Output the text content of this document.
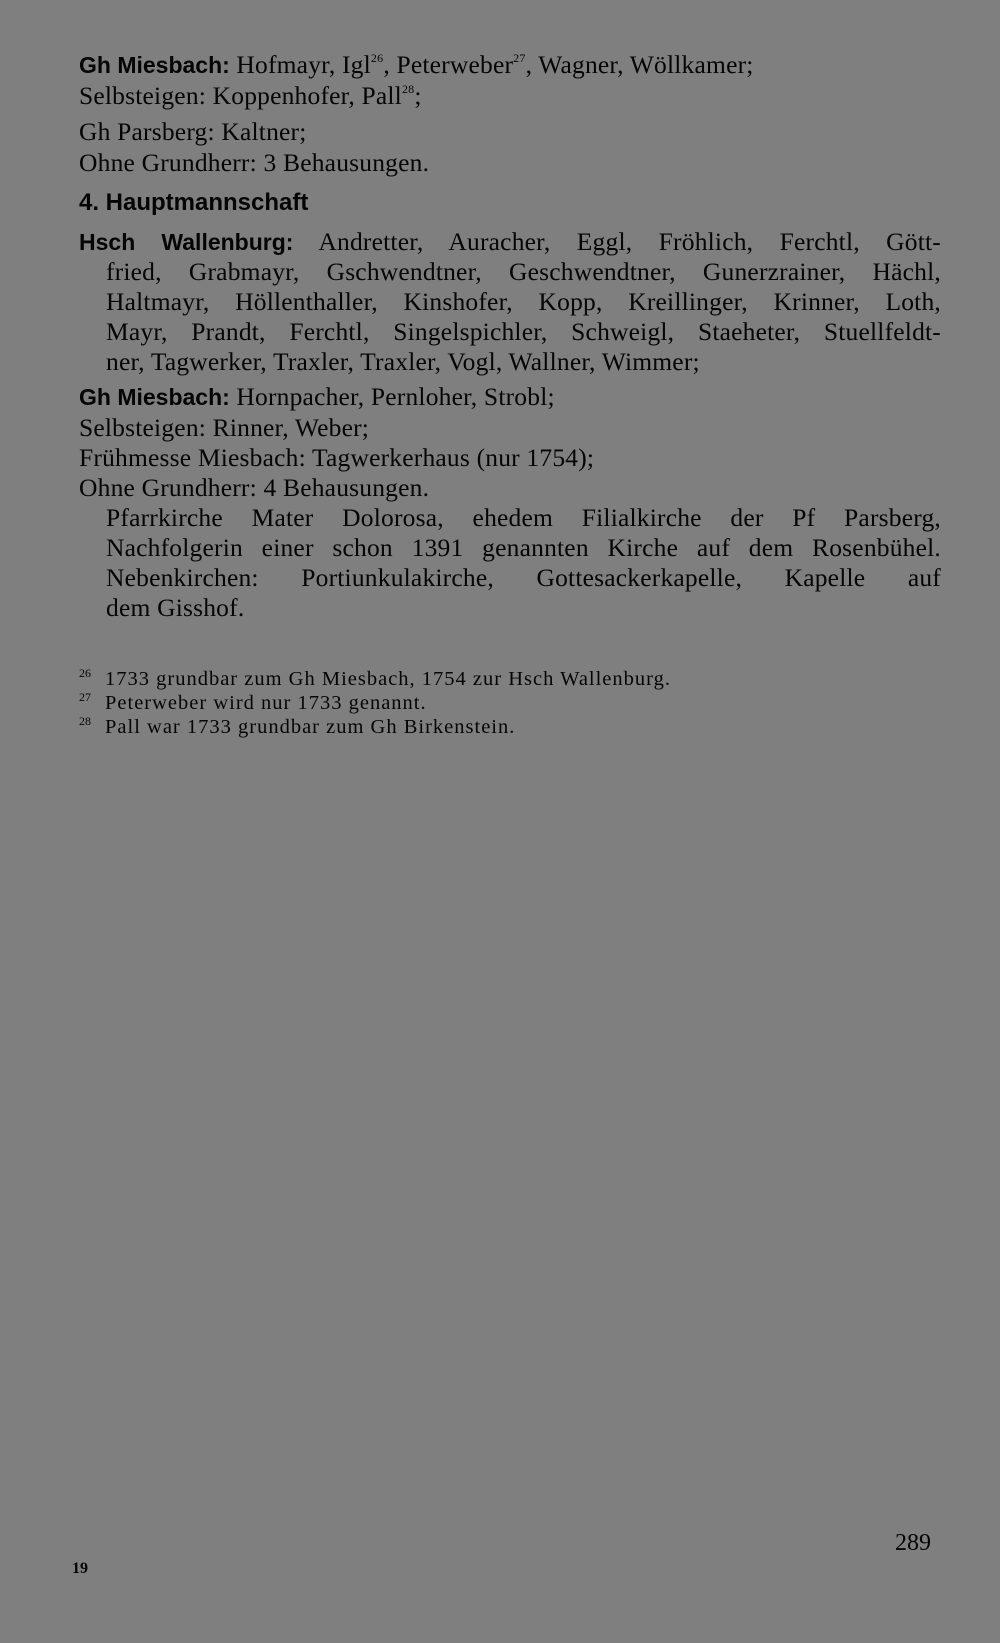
Gh Miesbach: Hofmayr, Igl$^{26}$, Peterweber$^{27}$, Wagner, Wöllkamer;
Selbsteigen: Koppenhofer, Pall$^{28}$;
Gh Parsberg: Kaltner;
Ohne Grundherr: 3 Behausungen.
4. Hauptmannschaft
Hsch Wallenburg: Andretter, Auracher, Eggl, Fröhlich, Ferchtl, Gött-
fried, Grabmayr, Gschwendtner, Geschwendtner, Gunerzrainer, Hächl,
Haltmayr, Höllenthaller, Kinshofer, Kopp, Kreillinger, Krinner, Loth,
Mayr, Prandt, Ferchtl, Singelspichler, Schweigl, Staeheter, Stuellfeldt-
ner, Tagwerker, Traxler, Traxler, Vogl, Wallner, Wimmer;
Gh Miesbach: Hornpacher, Pernloher, Strobl;
Selbsteigen: Rinner, Weber;
Frühmesse Miesbach: Tagwerkerhaus (nur 1754);
Ohne Grundherr: 4 Behausungen.
Pfarrkirche Mater Dolorosa, ehedem Filialkirche der Pf Parsberg,
Nachfolgerin einer schon 1391 genannten Kirche auf dem Rosenbühel.
Nebenkirchen: Portiunkulakirche, Gottesackerkapelle, Kapelle auf
dem Gisshof.
26 1733 grundbar zum Gh Miesbach, 1754 zur Hsch Wallenburg.
27 Peterweber wird nur 1733 genannt.
28 Pall war 1733 grundbar zum Gh Birkenstein.
289
19
